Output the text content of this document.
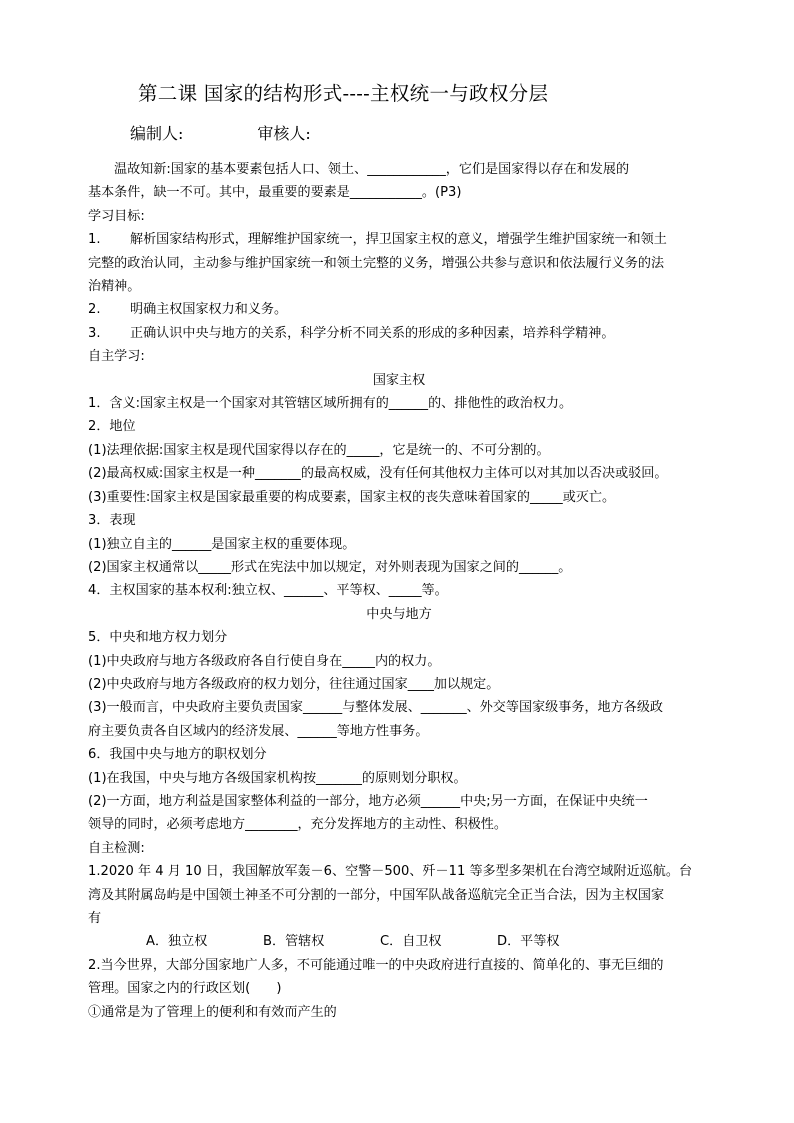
第二课 国家的结构形式----主权统一与政权分层
编制人:	审核人:

温故知新:国家的基本要素包括人口、领土、____________，它们是国家得以存在和发展的

基本条件，缺一不可。其中，最重要的要素是___________。(P3)

学习目标:

1. 解析国家结构形式，理解维护国家统一，捍卫国家主权的意义，增强学生维护国家统一和领土

完整的政治认同，主动参与维护国家统一和领土完整的义务，增强公共参与意识和依法履行义务的法

治精神。

2. 明确主权国家权力和义务。

3. 正确认识中央与地方的关系，科学分析不同关系的形成的多种因素，培养科学精神。

自主学习:

国家主权

1．含义:国家主权是一个国家对其管辖区域所拥有的______的、排他性的政治权力。

2．地位

(1)法理依据:国家主权是现代国家得以存在的_____，它是统一的、不可分割的。

(2)最高权威:国家主权是一种_______的最高权威，没有任何其他权力主体可以对其加以否决或驳回。

(3)重要性:国家主权是国家最重要的构成要素，国家主权的丧失意味着国家的_____或灭亡。

3．表现

(1)独立自主的______是国家主权的重要体现。

(2)国家主权通常以_____形式在宪法中加以规定，对外则表现为国家之间的______。

4．主权国家的基本权利:独立权、______、平等权、_____等。

中央与地方

5．中央和地方权力划分

(1)中央政府与地方各级政府各自行使自身在_____内的权力。

(2)中央政府与地方各级政府的权力划分，往往通过国家____加以规定。

(3)一般而言，中央政府主要负责国家______与整体发展、_______、外交等国家级事务，地方各级政

府主要负责各自区域内的经济发展、______等地方性事务。

6．我国中央与地方的职权划分

(1)在我国，中央与地方各级国家机构按_______的原则划分职权。

(2)一方面，地方利益是国家整体利益的一部分，地方必须______中央;另一方面，在保证中央统一

领导的同时，必须考虑地方________，充分发挥地方的主动性、积极性。

自主检测:

1.2020 年 4 月 10 日，我国解放军轰－6、空警－500、歼－11 等多型多架机在台湾空域附近巡航。台

湾及其附属岛屿是中国领土神圣不可分割的一部分，中国军队战备巡航完全正当合法，因为主权国家

有

A．独立权	B．管辖权	C．自卫权	D．平等权

2.当今世界，大部分国家地广人多，不可能通过唯一的中央政府进行直接的、简单化的、事无巨细的

管理。国家之内的行政区划(　　)

①通常是为了管理上的便利和有效而产生的
